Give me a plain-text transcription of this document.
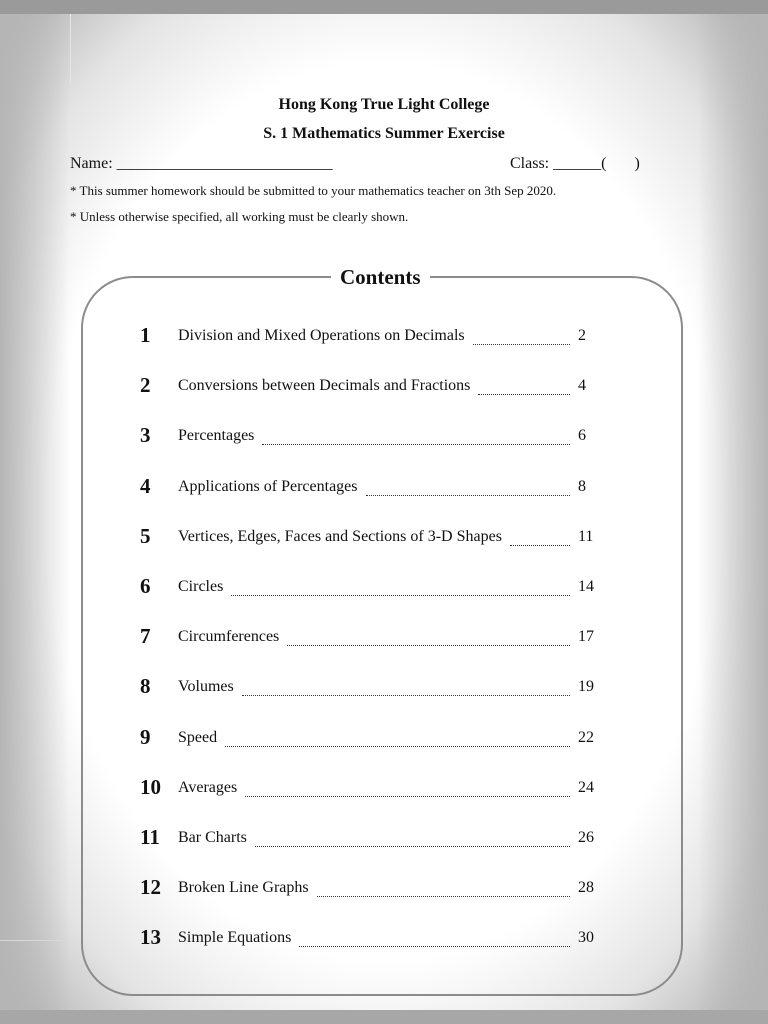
Hong Kong True Light College
S. 1 Mathematics Summer Exercise
Name: ___________________________	Class: ______(       )
* This summer homework should be submitted to your mathematics teacher on 3th Sep 2020.
* Unless otherwise specified, all working must be clearly shown.
Contents
1	Division and Mixed Operations on Decimals	2
2	Conversions between Decimals and Fractions	4
3	Percentages	6
4	Applications of Percentages	8
5	Vertices, Edges, Faces and Sections of 3-D Shapes	11
6	Circles	14
7	Circumferences	17
8	Volumes	19
9	Speed	22
10	Averages	24
11	Bar Charts	26
12	Broken Line Graphs	28
13	Simple Equations	30
